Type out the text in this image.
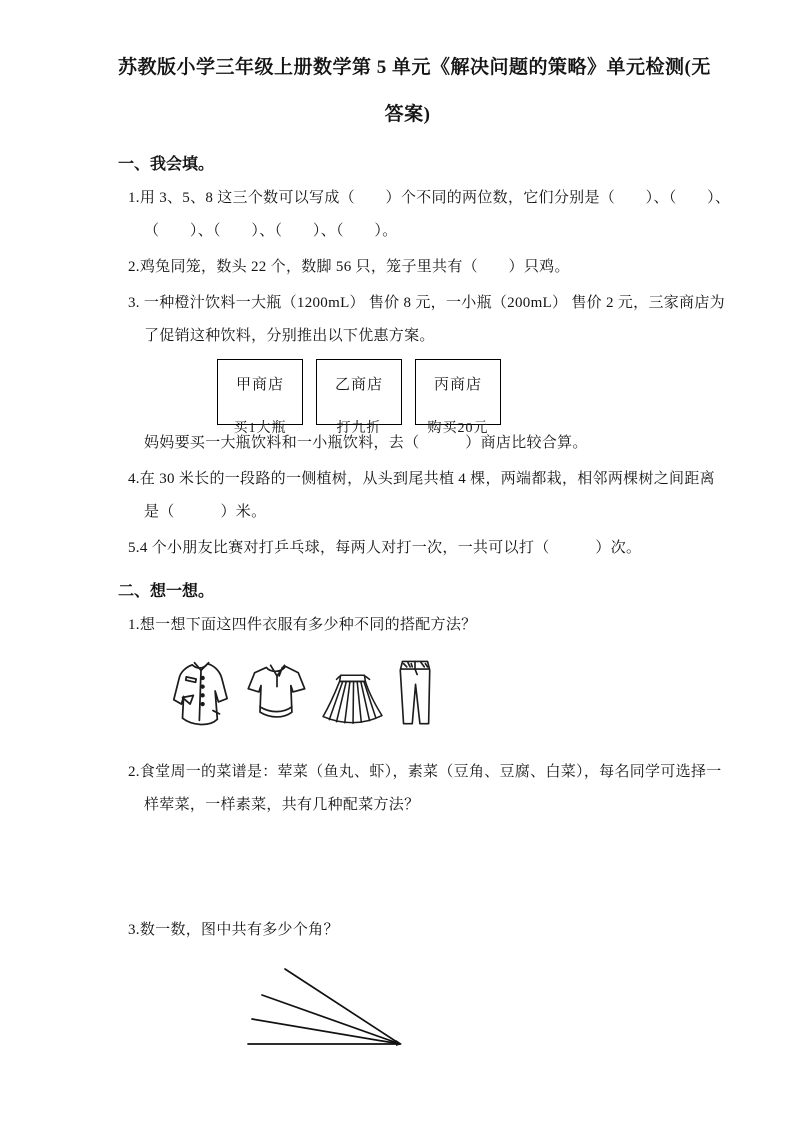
苏教版小学三年级上册数学第 5 单元《解决问题的策略》单元检测(无
答案)
一、我会填。
1.用 3、5、8 这三个数可以写成（　　）个不同的两位数，它们分别是（　　）、（　　）、
（　　）、（　　）、（　　）、（　　）。
2.鸡兔同笼，数头 22 个，数脚 56 只，笼子里共有（　　）只鸡。
3. 一种橙汁饮料一大瓶（1200mL） 售价 8 元，一小瓶（200mL） 售价 2 元，三家商店为
了促销这种饮料，分别推出以下优惠方案。
甲商店
买1大瓶
乙商店
打九折
丙商店
购买20元
妈妈要买一大瓶饮料和一小瓶饮料，去（　　　）商店比较合算。
4.在 30 米长的一段路的一侧植树，从头到尾共植 4 棵，两端都栽，相邻两棵树之间距离
是（　　　）米。
5.4 个小朋友比赛对打乒乓球，每两人对打一次，一共可以打（　　　）次。
二、想一想。
1.想一想下面这四件衣服有多少种不同的搭配方法？
2.食堂周一的菜谱是：荤菜（鱼丸、虾），素菜（豆角、豆腐、白菜），每名同学可选择一
样荤菜，一样素菜，共有几种配菜方法？
3.数一数，图中共有多少个角？
